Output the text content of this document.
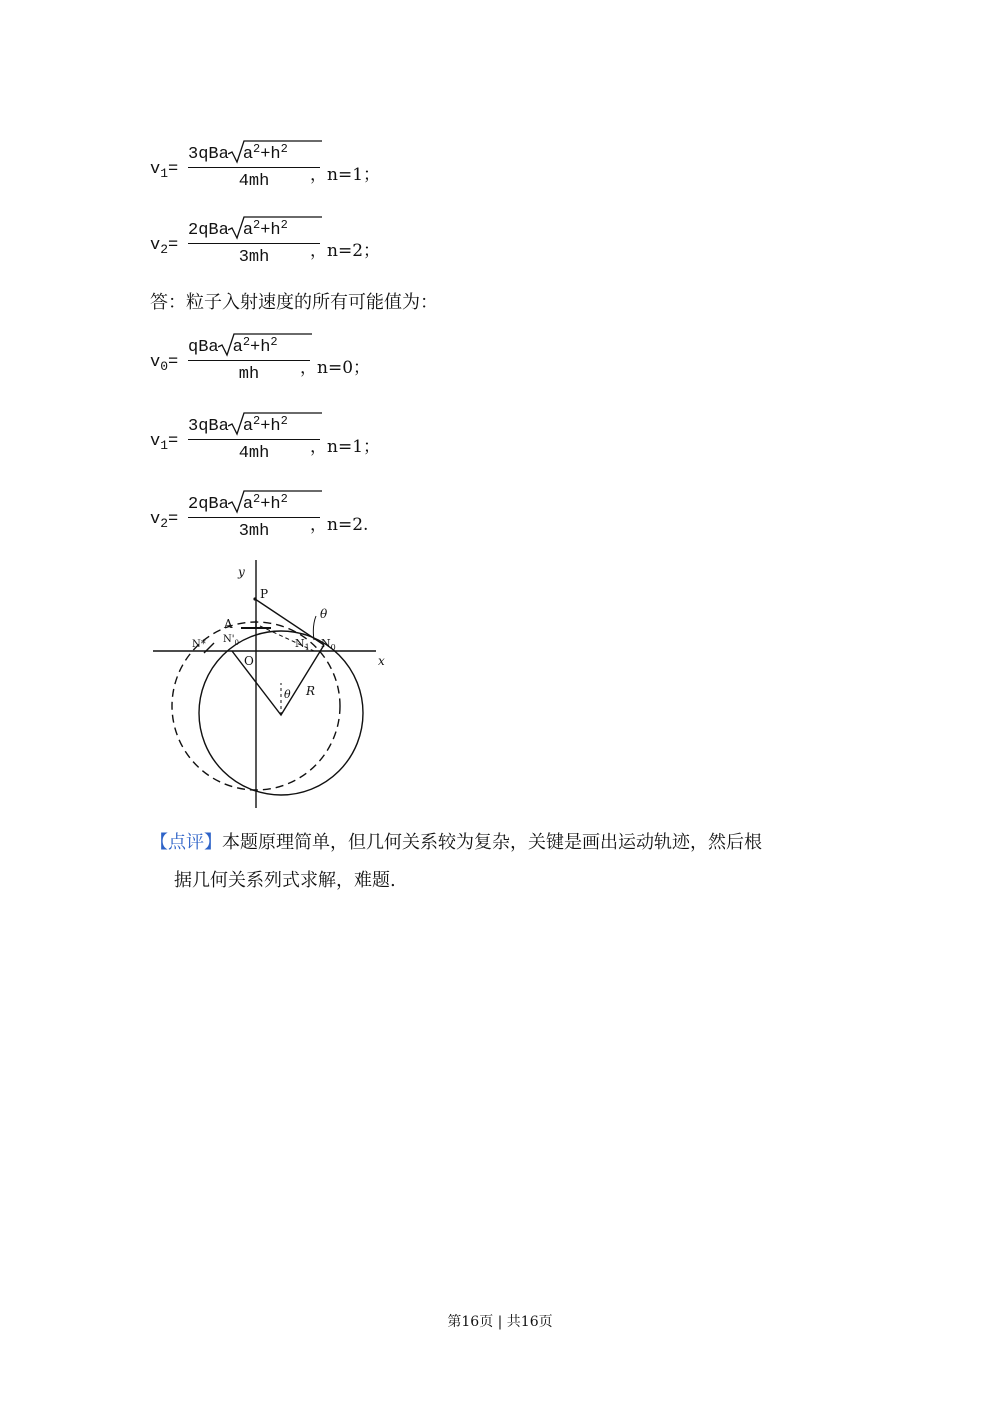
$v_1=$
3qBa $a^2+h^2$
4mh	，n=1；
$v_2=$
2qBa $a^2+h^2$
3mh	，n=2；
答：粒子入射速度的所有可能值为：
$v_0=$
qBa $a^2+h^2$
mh	，n=0；
$v_1=$
3qBa $a^2+h^2$
4mh	，n=1；
$v_2=$
2qBa $a^2+h^2$
3mh	，n=2.
y
x
P
A
O
N* $N'_0$	$N_1$ $N_0$
θ
θ R
【点评】本题原理简单，但几何关系较为复杂，关键是画出运动轨迹，然后根
据几何关系列式求解，难题.
第16页 | 共16页
